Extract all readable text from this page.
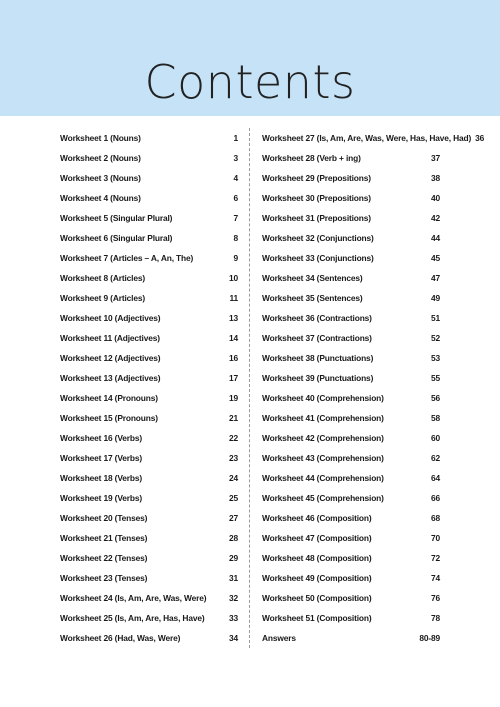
Contents
Worksheet 1 (Nouns)	1
Worksheet 2 (Nouns)	3
Worksheet 3 (Nouns)	4
Worksheet 4 (Nouns)	6
Worksheet 5 (Singular Plural)	7
Worksheet 6 (Singular Plural)	8
Worksheet 7 (Articles – A, An, The)	9
Worksheet 8 (Articles)	10
Worksheet 9 (Articles)	11
Worksheet 10 (Adjectives)	13
Worksheet 11 (Adjectives)	14
Worksheet 12 (Adjectives)	16
Worksheet 13 (Adjectives)	17
Worksheet 14 (Pronouns)	19
Worksheet 15 (Pronouns)	21
Worksheet 16 (Verbs)	22
Worksheet 17 (Verbs)	23
Worksheet 18 (Verbs)	24
Worksheet 19 (Verbs)	25
Worksheet 20 (Tenses)	27
Worksheet 21 (Tenses)	28
Worksheet 22 (Tenses)	29
Worksheet 23 (Tenses)	31
Worksheet 24 (Is, Am, Are, Was, Were)	32
Worksheet 25 (Is, Am, Are, Has, Have)	33
Worksheet 26 (Had, Was, Were)	34
Worksheet 27 (Is, Am, Are, Was, Were, Has, Have, Had) 36
Worksheet 28 (Verb + ing)	37
Worksheet 29 (Prepositions)	38
Worksheet 30 (Prepositions)	40
Worksheet 31 (Prepositions)	42
Worksheet 32 (Conjunctions)	44
Worksheet 33 (Conjunctions)	45
Worksheet 34 (Sentences)	47
Worksheet 35 (Sentences)	49
Worksheet 36 (Contractions)	51
Worksheet 37 (Contractions)	52
Worksheet 38 (Punctuations)	53
Worksheet 39 (Punctuations)	55
Worksheet 40 (Comprehension)	56
Worksheet 41 (Comprehension)	58
Worksheet 42 (Comprehension)	60
Worksheet 43 (Comprehension)	62
Worksheet 44 (Comprehension)	64
Worksheet 45 (Comprehension)	66
Worksheet 46 (Composition)	68
Worksheet 47 (Composition)	70
Worksheet 48 (Composition)	72
Worksheet 49 (Composition)	74
Worksheet 50 (Composition)	76
Worksheet 51 (Composition)	78
Answers	80-89
